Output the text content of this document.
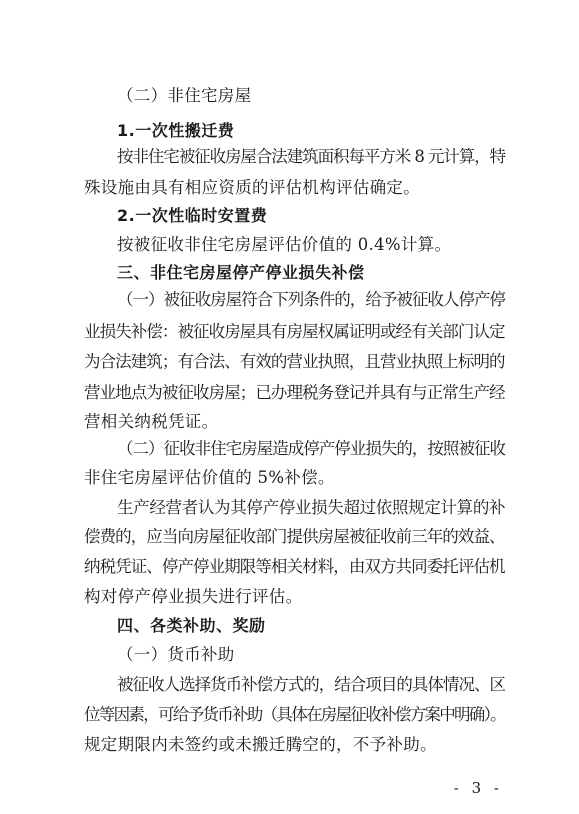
（二）非住宅房屋
1.一次性搬迁费
按非住宅被征收房屋合法建筑面积每平方米 8 元计算，特
殊设施由具有相应资质的评估机构评估确定。
2.一次性临时安置费
按被征收非住宅房屋评估价值的 0.4%计算。
三、非住宅房屋停产停业损失补偿
（一）被征收房屋符合下列条件的，给予被征收人停产停
业损失补偿：被征收房屋具有房屋权属证明或经有关部门认定
为合法建筑；有合法、有效的营业执照，且营业执照上标明的
营业地点为被征收房屋；已办理税务登记并具有与正常生产经
营相关纳税凭证。
（二）征收非住宅房屋造成停产停业损失的，按照被征收
非住宅房屋评估价值的 5%补偿。
生产经营者认为其停产停业损失超过依照规定计算的补
偿费的，应当向房屋征收部门提供房屋被征收前三年的效益、
纳税凭证、停产停业期限等相关材料，由双方共同委托评估机
构对停产停业损失进行评估。
四、各类补助、奖励
（一）货币补助
被征收人选择货币补偿方式的，结合项目的具体情况、区
位等因素，可给予货币补助（具体在房屋征收补偿方案中明确）。
规定期限内未签约或未搬迁腾空的，不予补助。
- 3 -
